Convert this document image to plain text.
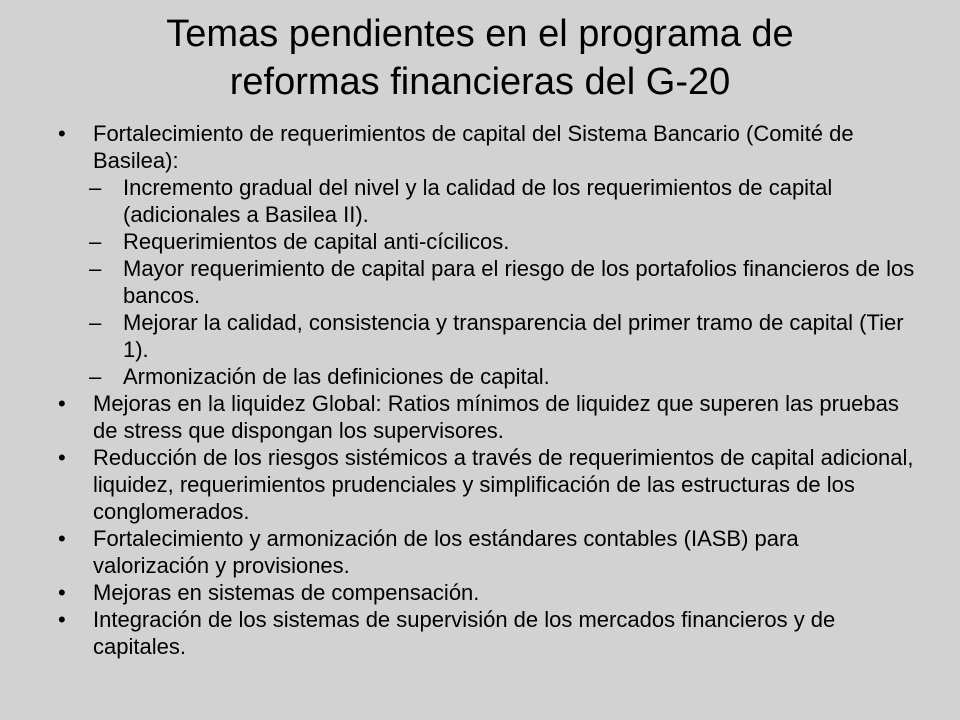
Temas pendientes en el programa de
reformas financieras del G-20
• Fortalecimiento de requerimientos de capital del Sistema Bancario (Comité de Basilea):
– Incremento gradual del nivel y la calidad de los requerimientos de capital (adicionales a Basilea II).
– Requerimientos de capital anti-cícilicos.
– Mayor requerimiento de capital para el riesgo de los portafolios financieros de los bancos.
– Mejorar la calidad, consistencia y transparencia del primer tramo de capital (Tier 1).
– Armonización de las definiciones de capital.
• Mejoras en la liquidez Global: Ratios mínimos de liquidez que superen las pruebas de stress que dispongan los supervisores.
• Reducción de los riesgos sistémicos a través de requerimientos de capital adicional, liquidez, requerimientos prudenciales y simplificación de las estructuras de los conglomerados.
• Fortalecimiento y armonización de los estándares contables (IASB) para valorización y provisiones.
• Mejoras en sistemas de compensación.
• Integración de los sistemas de supervisión de los mercados financieros y de capitales.
